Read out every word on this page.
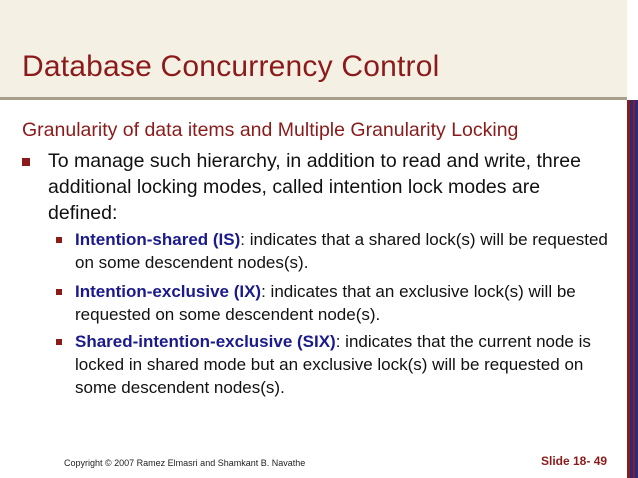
Database Concurrency Control
Granularity of data items and Multiple Granularity Locking
To manage such hierarchy, in addition to read and write, three additional locking modes, called intention lock modes are defined:
Intention-shared (IS): indicates that a shared lock(s) will be requested on some descendent nodes(s).
Intention-exclusive (IX): indicates that an exclusive lock(s) will be requested on some descendent node(s).
Shared-intention-exclusive (SIX): indicates that the current node is locked in shared mode but an exclusive lock(s) will be requested on some descendent nodes(s).
Copyright © 2007 Ramez Elmasri and Shamkant B. Navathe	Slide 18- 49
